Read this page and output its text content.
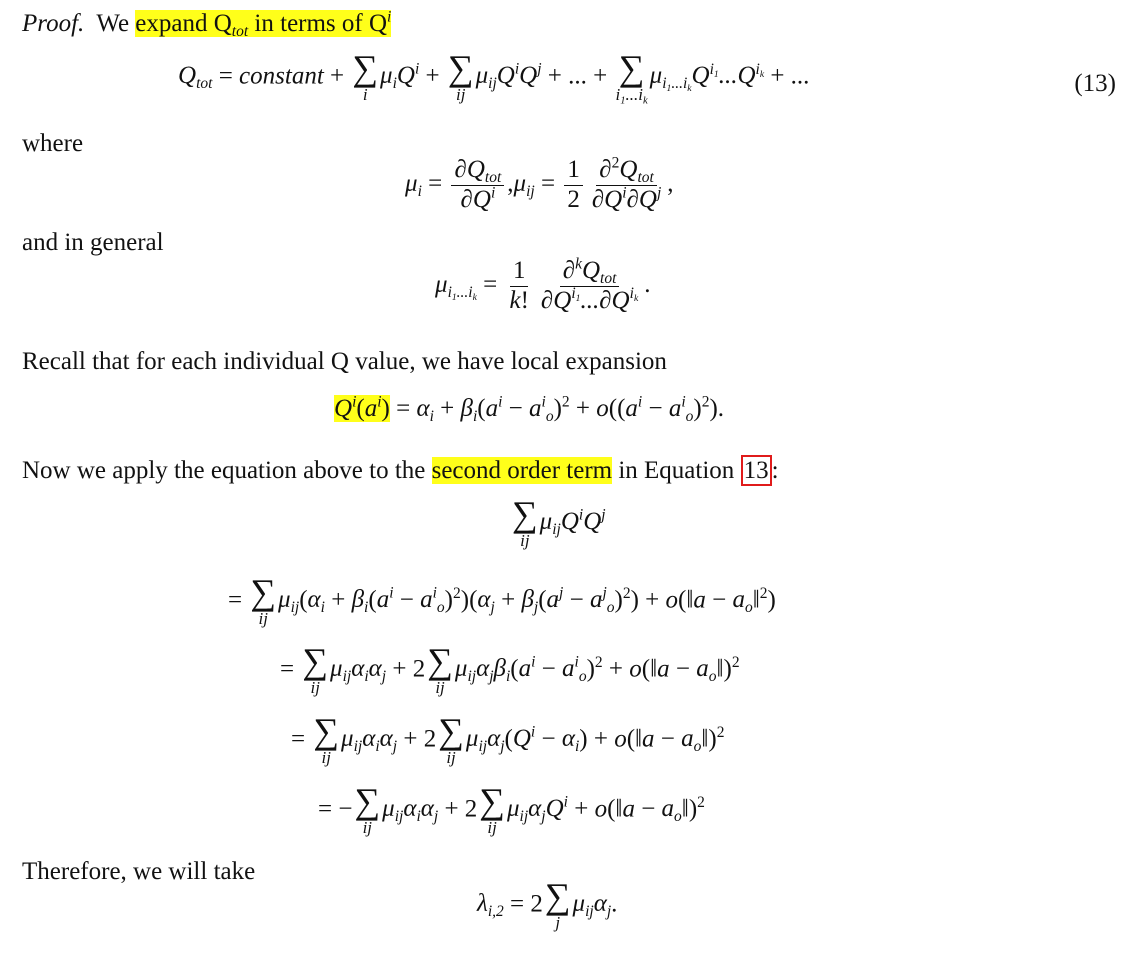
Proof. We expand $Q_{tot}$ in terms of $Q^i$
$Q_{tot}$ = constant + ∑
i
$\mu_iQ^i$ + ∑
ij
$\mu_{ij}Q^iQ^j$ + ... + ∑
$i_1...i_k$
$\mu_{i_1...i_k}Q^{i_1}...Q^{i_k}$ + ...	(13)
where
$\mu_i = \frac{\partial Q_{tot}}{\partial Q^i} ,\mu_{ij} = \frac{1}{2} \frac{\partial^2Q_{tot}}{\partial Q^i\partial Q^j}$ ,
and in general
$\mu_{i_1...i_k} = \frac{1}{k!} \frac{\partial^kQ_{tot}}{\partial Q^{i_1}...\partial Q^{i_k}}$ .
Recall that for each individual Q value, we have local expansion
$Q^i(a^i) = \alpha_i + \beta_i(a^i - a^i_o)^2 + o((a^i - a^i_o)^2)$.
Now we apply the equation above to the second order term in Equation 13 :
∑
ij
$\mu_{ij}Q^iQ^j$
= ∑
ij
$\mu_{ij}(\alpha_i + \beta_i(a^i - a^i_o)^2)(\alpha_j + \beta_j(a^j - a^j_o)^2)$ + o(‖a − $a_o‖^2$)
= ∑
ij
$\mu_{ij}\alpha_i\alpha_j + 2$ ∑
ij
$\mu_{ij}\alpha_j\beta_i(a^i - a^i_o)^2$ + o(‖a − $a_o‖)^2$
= ∑
ij
$\mu_{ij}\alpha_i\alpha_j + 2$ ∑
ij
$\mu_{ij}\alpha_j(Q^i - \alpha_i)$ + o(‖a − $a_o‖)^2$
= − ∑
ij
$\mu_{ij}\alpha_i\alpha_j + 2$ ∑
ij
$\mu_{ij}\alpha_jQ^i$ + o(‖a − $a_o‖)^2$
Therefore, we will take
$\lambda_{i,2} = 2$ ∑
j
$\mu_{ij}\alpha_j$.
